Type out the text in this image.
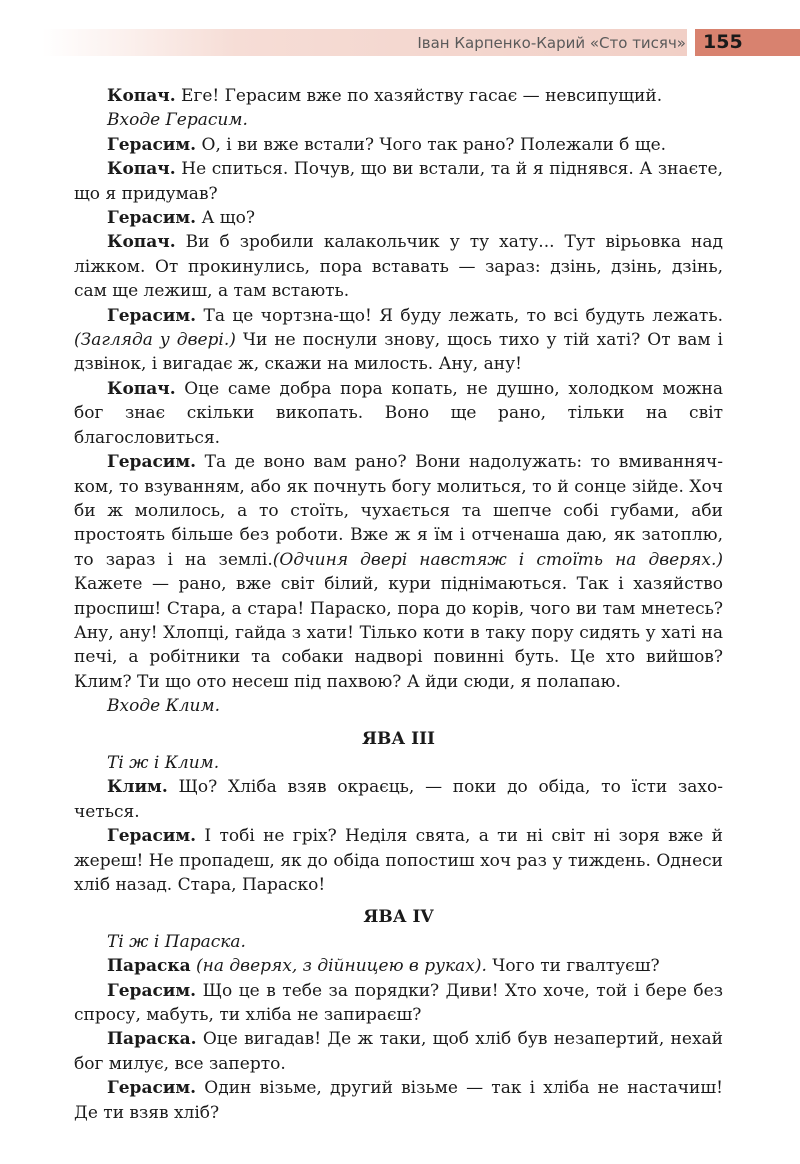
Іван Карпенко-Карий «Сто тисяч» 155

Копач. Еге! Герасим вже по хазяйству гасає — невсипущий.

Входе Герасим.

Герасим. О, і ви вже встали? Чого так рано? Полежали б ще.

Копач. Не спиться. Почув, що ви встали, та й я піднявся. А знаєте, що я придумав?

Герасим. А що?

Копач. Ви б зробили калакольчик у ту хату... Тут вірьовка над ліжком. От прокинулись, пора вставать — зараз: дзінь, дзінь, дзінь, сам ще лежиш, а там встають.

Герасим. Та це чортзна-що! Я буду лежать, то всі будуть лежать. (Загляда у двері.) Чи не поснули знову, щось тихо у тій хаті? От вам і дзвінок, і вигадає ж, скажи на милость. Ану, ану!

Копач. Оце саме добра пора копать, не душно, холодком можна бог знає скільки викопать. Воно ще рано, тільки на світ благословиться.

Герасим. Та де воно вам рано? Вони надолужать: то вмиваннячком, то взуванням, або як почнуть богу молиться, то й сонце зійде. Хоч би ж молилось, а то стоїть, чухається та шепче собі губами, аби простоять більше без роботи. Вже ж я їм і отченаша даю, як затоплю, то зараз і на землі.(Одчиня двері навстяж і стоїть на дверях.) Кажете — рано, вже світ білий, кури піднімаються. Так і хазяйство проспиш! Стара, а стара! Параско, пора до корів, чого ви там мнетесь? Ану, ану! Хлопці, гайда з хати! Тілько коти в таку пору сидять у хаті на печі, а робітники та собаки надворі повинні буть. Це хто вийшов? Клим? Ти що ото несеш під пахвою? А йди сюди, я полапаю.

Входе Клим.

ЯВА III

Ті ж і Клим.

Клим. Що? Хліба взяв окраєць, — поки до обіда, то їсти захочеться.

Герасим. І тобі не гріх? Неділя свята, а ти ні світ ні зоря вже й жереш! Не пропадеш, як до обіда попостиш хоч раз у тиждень. Однеси хліб назад. Стара, Параско!

ЯВА IV

Ті ж і Параска.

Параска (на дверях, з дійницею в руках). Чого ти гвалтуєш?

Герасим. Що це в тебе за порядки? Диви! Хто хоче, той і бере без спросу, мабуть, ти хліба не запираєш?

Параска. Оце вигадав! Де ж таки, щоб хліб був незапертий, нехай бог милує, все заперто.

Герасим. Один візьме, другий візьме — так і хліба не настачиш! Де ти взяв хліб?
